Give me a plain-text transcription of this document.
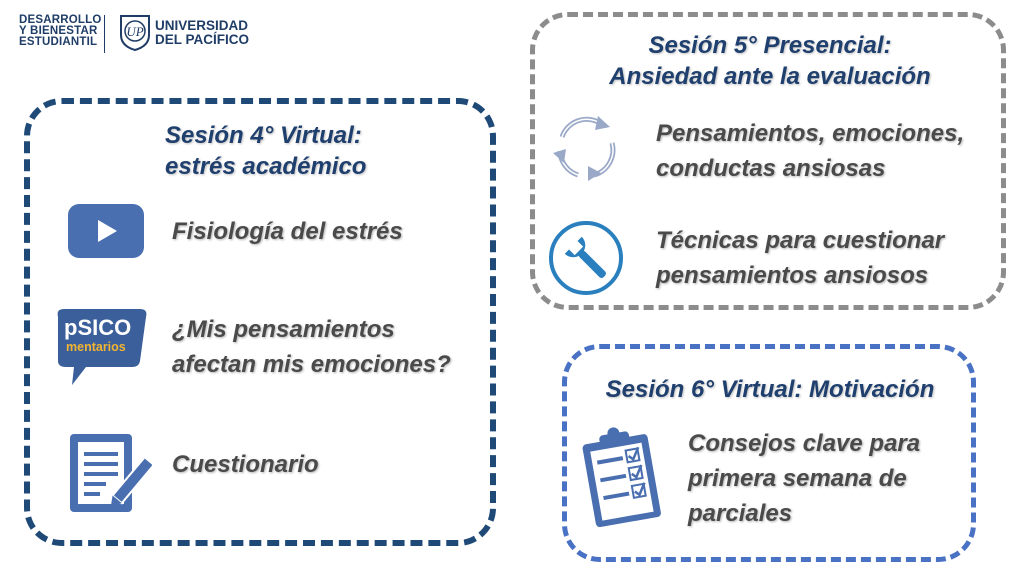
DESARROLLO
Y BIENESTAR
ESTUDIANTIL
UP UNIVERSIDAD
DEL PACÍFICO
Sesión 4° Virtual:
estrés académico
Fisiología del estrés
pSICO
mentarios
¿Mis pensamientos
afectan mis emociones?
Cuestionario
Sesión 5° Presencial:
Ansiedad ante la evaluación
Pensamientos, emociones,
conductas ansiosas
Técnicas para cuestionar
pensamientos ansiosos
Sesión 6° Virtual: Motivación
Consejos clave para
primera semana de
parciales
